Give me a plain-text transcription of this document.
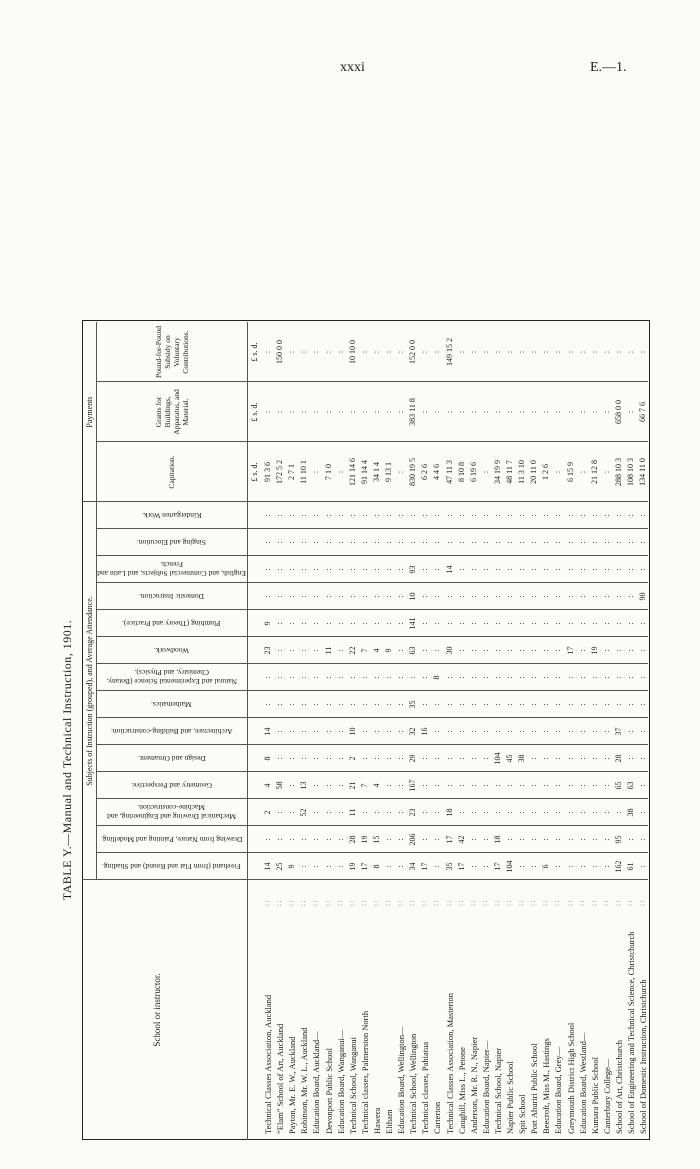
xxxi	E.—1.
TABLE Y.—Manual and Technical Instruction, 1901. Subjects of Instruction (grouped), and Average Attendance.
Payments
School or instructor.
Freehand (from Flat and Round) and Shading.
Drawing from Nature, Painting and Modelling.
Mechanical Drawing and Engineering, and Machine-construction.
Geometry and Perspective.
Design and Ornament.
Architecture, and Building-construction.
Mathematics.
Natural and Experimental Science (Botany, Chemistry, and Physics).
Woodwork.
Plumbing (Theory and Practice).
Domestic Instruction.
English, and Commercial Subjects, and Latin and French.
Singing and Elocution.
Kindergarten Work.
Capitation.
Grants for Buildings, Apparatus, and Material.
Pound-for-Pound Subsidy on Voluntary Contributions.
£ s. d.
£ s. d.
£ s. d.
Technical Classes Association, Auckland
: :
14
:
2
4
8
14
:
:
23
9
:
:
:
:
91 3 6
:
:
“Elam” School of Art, Auckland
: :
25
:
:
58
:
:
:
:
:
:
:
:
:
:
172 5 2
:
150 0 0
Payton, Mr. E. W., Auckland
: :
9
:
:
:
:
:
:
:
:
:
:
:
:
:
2 7 1
:
:
Robinson, Mr. W. L., Auckland
: :
:
:
52
13
:
:
:
:
:
:
:
:
:
:
11 10 1
:
:
Education Board, Auckland—
: :
:
:
:
:
:
:
:
:
:
:
:
:
:
:
:
:
:
Devonport Public School
: :
:
:
:
:
:
:
:
:
11
:
:
:
:
:
7 1 0
:
:
Education Board, Wanganui—
: :
:
:
:
:
:
:
:
:
:
:
:
:
:
:
:
:
:
Technical School, Wanganui
: :
19
28
11
21
2
10
:
:
22
:
:
:
:
:
121 14 6
:
10 10 0
Technical classes, Palmerston North
: :
17
19
:
7
:
:
:
:
7
:
:
:
:
:
91 14 4
:
:
Hawera
: :
8
15
:
4
:
:
:
:
4
:
:
:
:
:
34 1 4
:
:
Eltham
: :
:
:
:
:
:
:
:
:
9
:
:
:
:
:
9 13 1
:
:
Education Board, Wellington—
: :
:
:
:
:
:
:
:
:
:
:
:
:
:
:
:
:
:
Technical School, Wellington
: :
34
206
23
167
29
32
35
:
63
141
10
93
:
:
830 19 5
383 11 8
152 0 0
Technical classes, Pahiatua
: :
17
:
:
:
:
16
:
:
:
:
:
:
:
:
6 2 6
:
:
Carterton
: :
:
:
:
:
:
:
:
8
:
:
:
:
:
:
4 4 6
:
:
Technical Classes Association, Masterton
: :
35
17
18
:
:
:
:
:
30
:
:
14
:
:
47 11 3
:
149 15 2
Caughill, Miss L., Petone
: :
17
42
:
:
:
:
:
:
:
:
:
:
:
:
8 10 8
:
:
Anderson, Mr. R. N., Napier
: :
:
:
:
:
:
:
:
:
:
:
:
:
:
:
6 19 6
:
:
Education Board, Napier—
: :
:
:
:
:
:
:
:
:
:
:
:
:
:
:
:
:
:
Technical School, Napier
: :
17
18
:
:
104
:
:
:
:
:
:
:
:
:
34 19 9
:
:
Napier Public School
: :
104
:
:
:
45
:
:
:
:
:
:
:
:
:
48 11 7
:
:
Spit School
: :
:
:
:
:
38
:
:
:
:
:
:
:
:
:
11 3 10
:
:
Port Ahuriri Public School
: :
:
:
:
:
:
:
:
:
:
:
:
:
:
:
20 11 0
:
:
Beecroft, Miss M., Hastings
: :
6
:
:
:
:
:
:
:
:
:
:
:
:
:
1 2 6
:
:
Education Board, Grey—
: :
:
:
:
:
:
:
:
:
:
:
:
:
:
:
:
:
:
Greymouth District High School
: :
:
:
:
:
:
:
:
:
17
:
:
:
:
:
6 15 9
:
:
Education Board, Westland—
: :
:
:
:
:
:
:
:
:
:
:
:
:
:
:
:
:
:
Kumara Public School
: :
:
:
:
:
:
:
:
:
19
:
:
:
:
:
21 12 8
:
:
Canterbury College—
: :
:
:
:
:
:
:
:
:
:
:
:
:
:
:
:
:
:
School of Art, Christchurch
: :
162
95
:
65
28
37
:
:
:
:
:
:
:
:
288 10 3
658 0 0
:
School of Engineering and Technical Science, Christchurch
: :
61
:
38
63
:
:
:
:
:
:
:
:
:
:
108 10 3
:
:
School of Domestic Instruction, Christchurch
: :
:
:
:
:
:
:
:
:
:
:
90
:
:
:
134 11 0
66 7 6
:
